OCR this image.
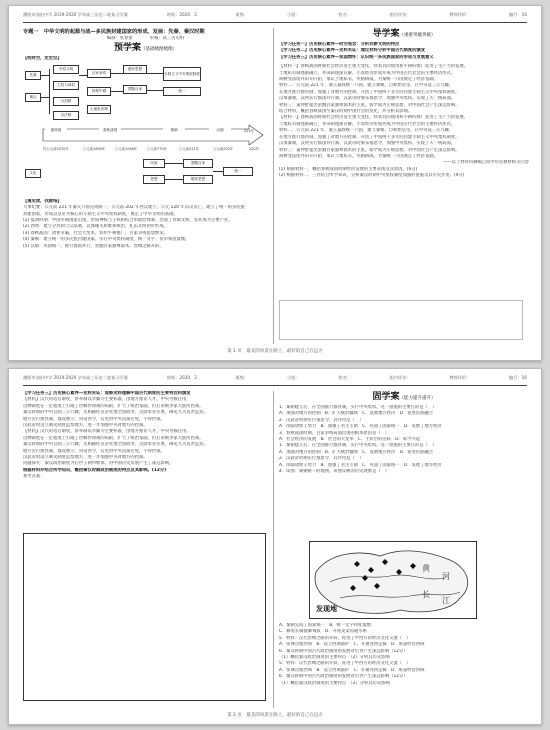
濮阳市油田中学 2019-2020 学年高三历史二轮复习学案	时间：2020．2	班级：	小组：	姓名：	组内评价：	教师评价：	编号：16
专题一　中华文明的起源与战—多民族封建国家的形成、发展：先秦、秦汉时期
编制：张春蕾　　　　审核：高三历史组
预学案（基础梳理梳理）
【明时空，定定位】
先秦
秦汉
中原文明
王权与神权
分封制
宗法制
百家争鸣
铁犁牛耕
土地私有制
儒家思想
罢黜百家
专制主义中央集权制度
统一
夏商周	春秋战国	秦朝	汉朝	221年
约公元前2070年	公元前1600年	公元前1046年	公元前770年	公元前221年	公元前202年	220年
文化
民族
思想
罢黜百家
儒家思想
统一
【通史读，找脉络】
大事纪要：公元前 221 年秦灭六国完成统一，公元前 202 年西汉建立，公元 220 年东汉灭亡，建立了统一的多民族
封建国家，形成以皇帝为核心的专制主义中央集权制度，奠定了中华文明的基础。
(1) 夏商时期：中国早期国家出现，形成神权与王权相结合的政治体制；出现了青铜文明，农业成为主要产业。
(2) 西周：建立分封制与宗法制，以血缘关系维系统治，礼乐文明初步形成。
(3) 春秋战国：诸侯争霸，社会大变革，铁犁牛耕推广，百家争鸣思想繁荣。
(4) 秦朝：建立统一的多民族封建国家，实行中央集权制度，统一文字、货币和度量衡。
(5) 汉朝：巩固统一，推行郡国并行、罢黜百家独尊儒术，丝绸之路开辟。
导学案（重难突破突破）
【学习任务一】历史核心素养—时空观念：分析农耕文明的特点
【学习任务二】历史核心素养—史料实证：通过材料分析中国古代制度的演变
【学习任务三】历史核心素养—家国情怀：认识统一多民族国家的形成与发展意义
【材料一】春秋战国时期社会经济发生重大变化，铁农具的使用和牛耕的推广促进了生产力的发展，
土地私有制逐渐确立，井田制逐渐瓦解，小农经济形成并成为中国古代社会的主要经济形式。
商鞅变法废井田开阡陌，承认土地私有，奖励耕战，为秦统一六国奠定了经济基础。
材料二：公元前 221 年，秦王嬴政统一六国，建立秦朝，自称始皇帝，在中央设三公九卿，
在地方推行郡县制，加强了对地方的控制，开创了中国两千多年的封建专制主义中央集权制度。
汉承秦制，汉初实行郡国并行制，汉武帝时颁布推恩令，加强中央集权，实现了大一统局面。
材料三：董仲舒提出罢黜百家独尊儒术的主张，儒学成为正统思想，对中国社会产生深远影响。
结合材料，概括春秋战国至秦汉时期中国社会的变化，并分析其影响。
【材料一】春秋战国时期社会经济发生重大变化，铁农具的使用和牛耕的推广促进了生产力的发展，
土地私有制逐渐确立，井田制逐渐瓦解，小农经济形成并成为中国古代社会的主要经济形式。
材料二：公元前 221 年，秦王嬴政统一六国，建立秦朝，自称始皇帝，在中央设三公九卿，
在地方推行郡县制，加强了对地方的控制，开创了中国两千多年的封建专制主义中央集权制度。
汉承秦制，汉初实行郡国并行制，汉武帝时颁布推恩令，加强中央集权，实现了大一统局面。
材料三：董仲舒提出罢黜百家独尊儒术的主张，儒学成为正统思想，对中国社会产生深远影响。
商鞅变法废井田开阡陌，承认土地私有，奖励耕战，为秦统一六国奠定了经济基础。
——以上材料均摘编自高中历史教材相关内容
(1) 根据材料一，概括春秋战国时期经济发展的主要表现及其原因。(6分)
(2) 根据材料二、三并结合所学知识，分析秦汉时期中央集权制度加强的措施及其历史作用。(9分)
第 1 页　最美的风景在路上，最好的自己在远方
濮阳市油田中学 2019-2020 学年高三历史二轮复习学案	时间：2020．2	班级：	小组：	姓名：	组内评价：	教师评价：	编号：16
【学习任务三】历史核心素养—史料实证：观察史料理解中国古代制度的主要特点和演变
【材料】汉代的选官制度，察举制以孝廉为主要标准，由地方推荐人才，中央考核任用，
这种制度在一定程度上打破了世卿世禄制的局限，扩大了统治基础，但后来被世家大族所控制。
秦汉时期的中央官制三公九卿，丞相辅佐皇帝处理全国政务，太尉掌管军事，御史大夫负责监察。
地方实行郡县制，郡设郡守，县设县令，官吏由中央直接任免，不得世袭。
汉武帝时设立刺史制度监察地方，进一步加强中央对地方的控制。
【材料】汉代的选官制度，察举制以孝廉为主要标准，由地方推荐人才，中央考核任用，
这种制度在一定程度上打破了世卿世禄制的局限，扩大了统治基础，但后来被世家大族所控制。
秦汉时期的中央官制三公九卿，丞相辅佐皇帝处理全国政务，太尉掌管军事，御史大夫负责监察。
地方实行郡县制，郡设郡守，县设县令，官吏由中央直接任免，不得世袭。
汉武帝时设立刺史制度监察地方，进一步加强中央对地方的控制。
问题探究：秦汉政治制度为后世王朝所继承，对中国历史发展产生了深远影响。
根据材料并结合所学知识，概括秦汉时期政治制度的特点及其影响。(12分)
参考答案：
固学案（能力提升提升）
1．秦朝建立后，在全国推行郡县制，实行中央集权。这一措施的主要目的是（　）
A．加强对地方的控制　B．扩大统治疆域　C．发展地方经济　D．促进民族融合
2．汉武帝时期实行推恩令，其作用是（　）
A．削弱诸侯王势力　B．加强了君主专制　C．巩固了国家统一　D．发展了地方经济
3．春秋战国时期，百家争鸣局面出现的根本原因是（　）
A．社会经济的发展　B．社会的大变革　C．士阶层的活跃　D．私学兴起
1．秦朝建立后，在全国推行郡县制，实行中央集权。这一措施的主要目的是（　）
A．加强对地方的控制　B．扩大统治疆域　C．发展地方经济　D．促进民族融合
2．汉武帝时期实行推恩令，其作用是（　）
A．削弱诸侯王势力　B．加强了君主专制　C．巩固了国家统一　D．发展了地方经济
4．读图：秦朝统一的地图，该图反映的历史现象是（　）
黄
河
长
江
发现地
A．秦朝完成了国家统一　B．统一文字和度量衡
C．修筑长城抵御匈奴　D．开凿灵渠沟通水系
5．材料：汉代丝绸之路的开辟，促进了中西方的经济文化交流（　）
A．张骞出使西域　B．设立西域都护　C．开通河西走廊　D．班超经营西域
6．秦汉时期中国古代政治制度的发展对后世产生深远影响（12分）
（1）概括秦汉政治制度的主要特点　（2）分析其历史影响
5．材料：汉代丝绸之路的开辟，促进了中西方的经济文化交流（　）
A．张骞出使西域　B．设立西域都护　C．开通河西走廊　D．班超经营西域
6．秦汉时期中国古代政治制度的发展对后世产生深远影响（12分）
（1）概括秦汉政治制度的主要特点　（2）分析其历史影响
第 2 页　最美的风景在路上，最好的自己在远方
